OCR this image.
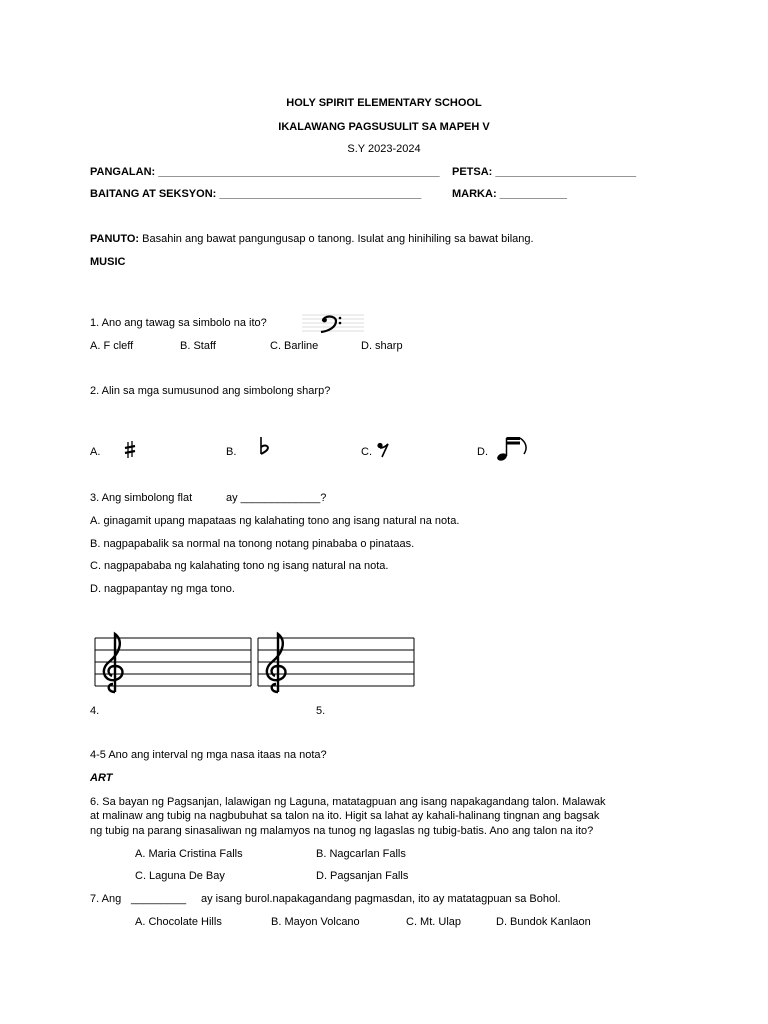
HOLY SPIRIT ELEMENTARY SCHOOL
IKALAWANG PAGSUSULIT SA MAPEH V
S.Y 2023-2024
PANGALAN: ______________________________________________ PETSA: _______________________
BAITANG AT SEKSYON: _________________________________	MARKA: ___________
PANUTO: Basahin ang bawat pangungusap o tanong. Isulat ang hinihiling sa bawat bilang.
MUSIC
1. Ano ang tawag sa simbolo na ito?
A. F cleff	B. Staff	C. Barline	D. sharp
2. Alin sa mga sumusunod ang simbolong sharp?
A.	B.	C.	D.
3. Ang simbolong flat	ay _____________?
A. ginagamit upang mapataas ng kalahating tono ang isang natural na nota.
B. nagpapabalik sa normal na tonong notang pinababa o pinataas.
C. nagpapababa ng kalahating tono ng isang natural na nota.
D. nagpapantay ng mga tono.
4.	5.
4-5 Ano ang interval ng mga nasa itaas na nota?
ART
6. Sa bayan ng Pagsanjan, lalawigan ng Laguna, matatagpuan ang isang napakagandang talon. Malawak
at malinaw ang tubig na nagbubuhat sa talon na ito. Higit sa lahat ay kahali-halinang tingnan ang bagsak
ng tubig na parang sinasaliwan ng malamyos na tunog ng lagaslas ng tubig-batis. Ano ang talon na ito?
A. Maria Cristina Falls	B. Nagcarlan Falls
C. Laguna De Bay	D. Pagsanjan Falls
7. Ang _________ ay isang burol.napakagandang pagmasdan, ito ay matatagpuan sa Bohol.
A. Chocolate Hills	B. Mayon Volcano	C. Mt. Ulap	D. Bundok Kanlaon
